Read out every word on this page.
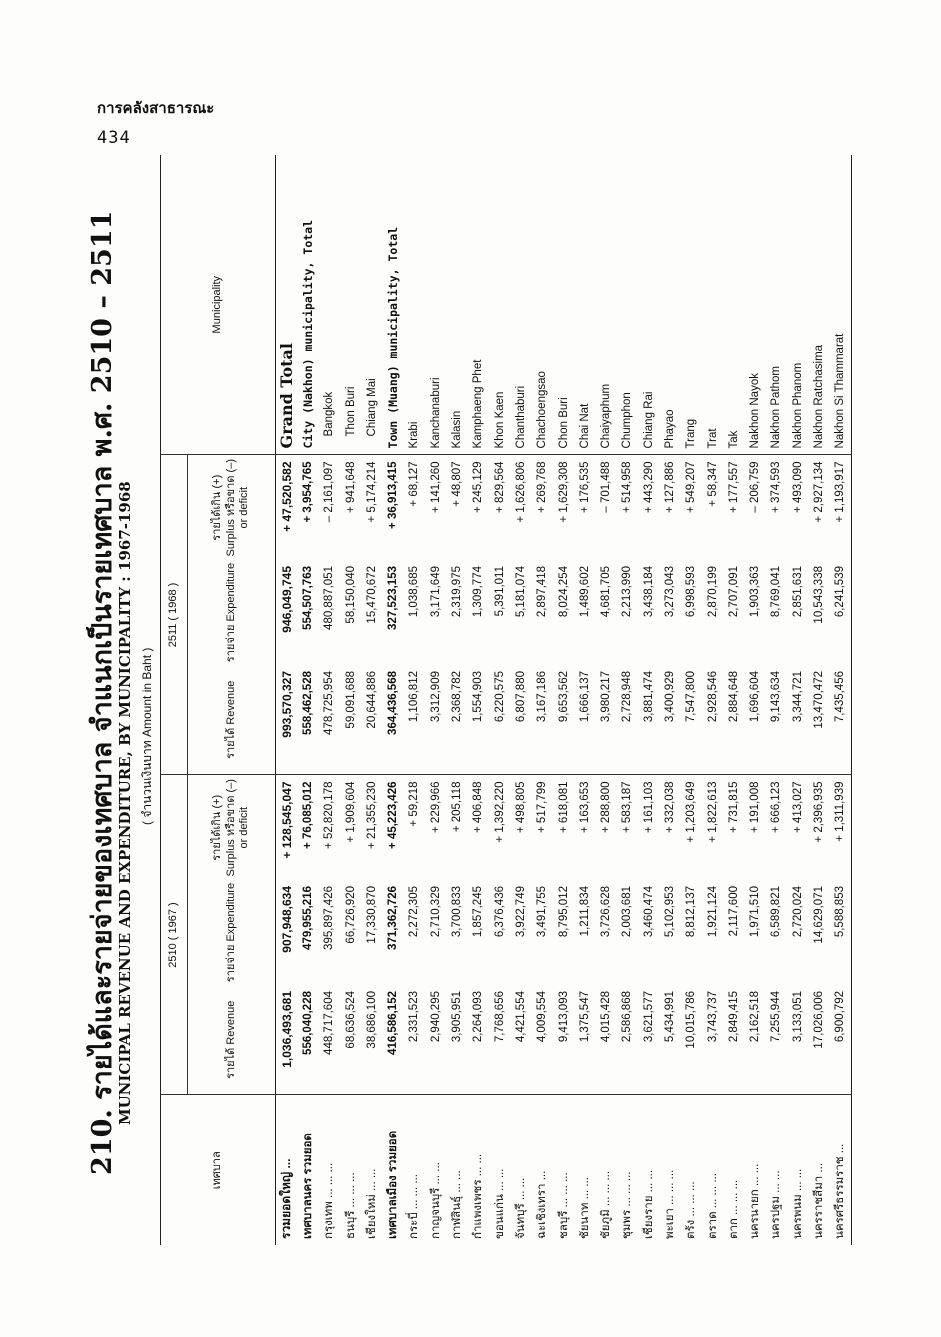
การคลังสาธารณะ
434
210. รายได้และรายจ่ายของเทศบาล จำแนกเป็นรายเทศบาล พ.ศ. 2510 – 2511
MUNICIPAL REVENUE AND EXPENDITURE, BY MUNICIPALITY : 1967-1968 ( จำนวนเงินบาท Amount in Baht )
เทศบาล	2510 ( 1967 )			2511 ( 1968 )			Municipality
	รายได้ Revenue	รายจ่าย Expenditure	รายได้เกิน (+) Surplus หรือขาด (–) or deficit	รายได้ Revenue	รายจ่าย Expenditure	รายได้เกิน (+) Surplus หรือขาด (–) or deficit	
รวมยอดใหญ่ ...	1,036,493,681	907,948,634	+ 128,545,047	993,570,327	946,049,745	+ 47,520,582	Grand Total
เทศบาลนคร รวมยอด	556,040,228	479,955,216	+ 76,085,012	558,462,528	554,507,763	+ 3,954,765	City (Nakhon) municipality, Total
กรุงเทพ ... ... ...	448,717,604	395,897,426	+ 52,820,178	478,725,954	480,887,051	– 2,161,097	Bangkok
ธนบุรี ... ... ...	68,636,524	66,726,920	+ 1,909,604	59,091,688	58,150,040	+ 941,648	Thon Buri
เชียงใหม่ ... ...	38,686,100	17,330,870	+ 21,355,230	20,644,886	15,470,672	+ 5,174,214	Chiang Mai
เทศบาลเมือง รวมยอด	416,586,152	371,362,726	+ 45,223,426	364,436,568	327,523,153	+ 36,913,415	Town (Muang) municipality, Total
กระบี่ ... ... ...	2,331,523	2,272,305	+ 59,218	1,106,812	1,038,685	+ 68,127	Krabi
กาญจนบุรี ... ...	2,940,295	2,710,329	+ 229,966	3,312,909	3,171,649	+ 141,260	Kanchanaburi
กาฬสินธุ์ ... ...	3,905,951	3,700,833	+ 205,118	2,368,782	2,319,975	+ 48,807	Kalasin
กำแพงเพชร ... ...	2,264,093	1,857,245	+ 406,848	1,554,903	1,309,774	+ 245,129	Kamphaeng Phet
ขอนแก่น ... ...	7,768,656	6,376,436	+ 1,392,220	6,220,575	5,391,011	+ 829,564	Khon Kaen
จันทบุรี ... ...	4,421,554	3,922,749	+ 498,805	6,807,880	5,181,074	+ 1,626,806	Chanthaburi
ฉะเชิงเทรา ...	4,009,554	3,491,755	+ 517,799	3,167,186	2,897,418	+ 269,768	Chachoengsao
ชลบุรี ... ... ...	9,413,093	8,795,012	+ 618,081	9,653,562	8,024,254	+ 1,629,308	Chon Buri
ชัยนาท ... ...	1,375,547	1,211,834	+ 163,653	1,666,137	1,489,602	+ 176,535	Chai Nat
ชัยภูมิ ... ... ...	4,015,428	3,726,628	+ 288,800	3,980,217	4,681,705	– 701,488	Chaiyaphum
ชุมพร ... ... ...	2,586,868	2,003,681	+ 583,187	2,728,948	2,213,990	+ 514,958	Chumphon
เชียงราย ... ...	3,621,577	3,460,474	+ 161,103	3,881,474	3,438,184	+ 443,290	Chiang Rai
พะเยา ... ... ...	5,434,991	5,102,953	+ 332,038	3,400,929	3,273,043	+ 127,886	Phayao
ตรัง ... ... ...	10,015,786	8,812,137	+ 1,203,649	7,547,800	6,998,593	+ 549,207	Trang
ตราด ... ... ...	3,743,737	1,921,124	+ 1,822,613	2,928,546	2,870,199	+ 58,347	Trat
ตาก ... ... ...	2,849,415	2,117,600	+ 731,815	2,884,648	2,707,091	+ 177,557	Tak
นครนายก ... ...	2,162,518	1,971,510	+ 191,008	1,696,604	1,903,363	– 206,759	Nakhon Nayok
นครปฐม ... ...	7,255,944	6,589,821	+ 666,123	9,143,634	8,769,041	+ 374,593	Nakhon Pathom
นครพนม ... ...	3,133,051	2,720,024	+ 413,027	3,344,721	2,851,631	+ 493,090	Nakhon Phanom
นครราชสีมา ...	17,026,006	14,629,071	+ 2,396,935	13,470,472	10,543,338	+ 2,927,134	Nakhon Ratchasima
นครศรีธรรมราช ...	6,900,792	5,588,853	+ 1,311,939	7,435,456	6,241,539	+ 1,193,917	Nakhon Si Thammarat
